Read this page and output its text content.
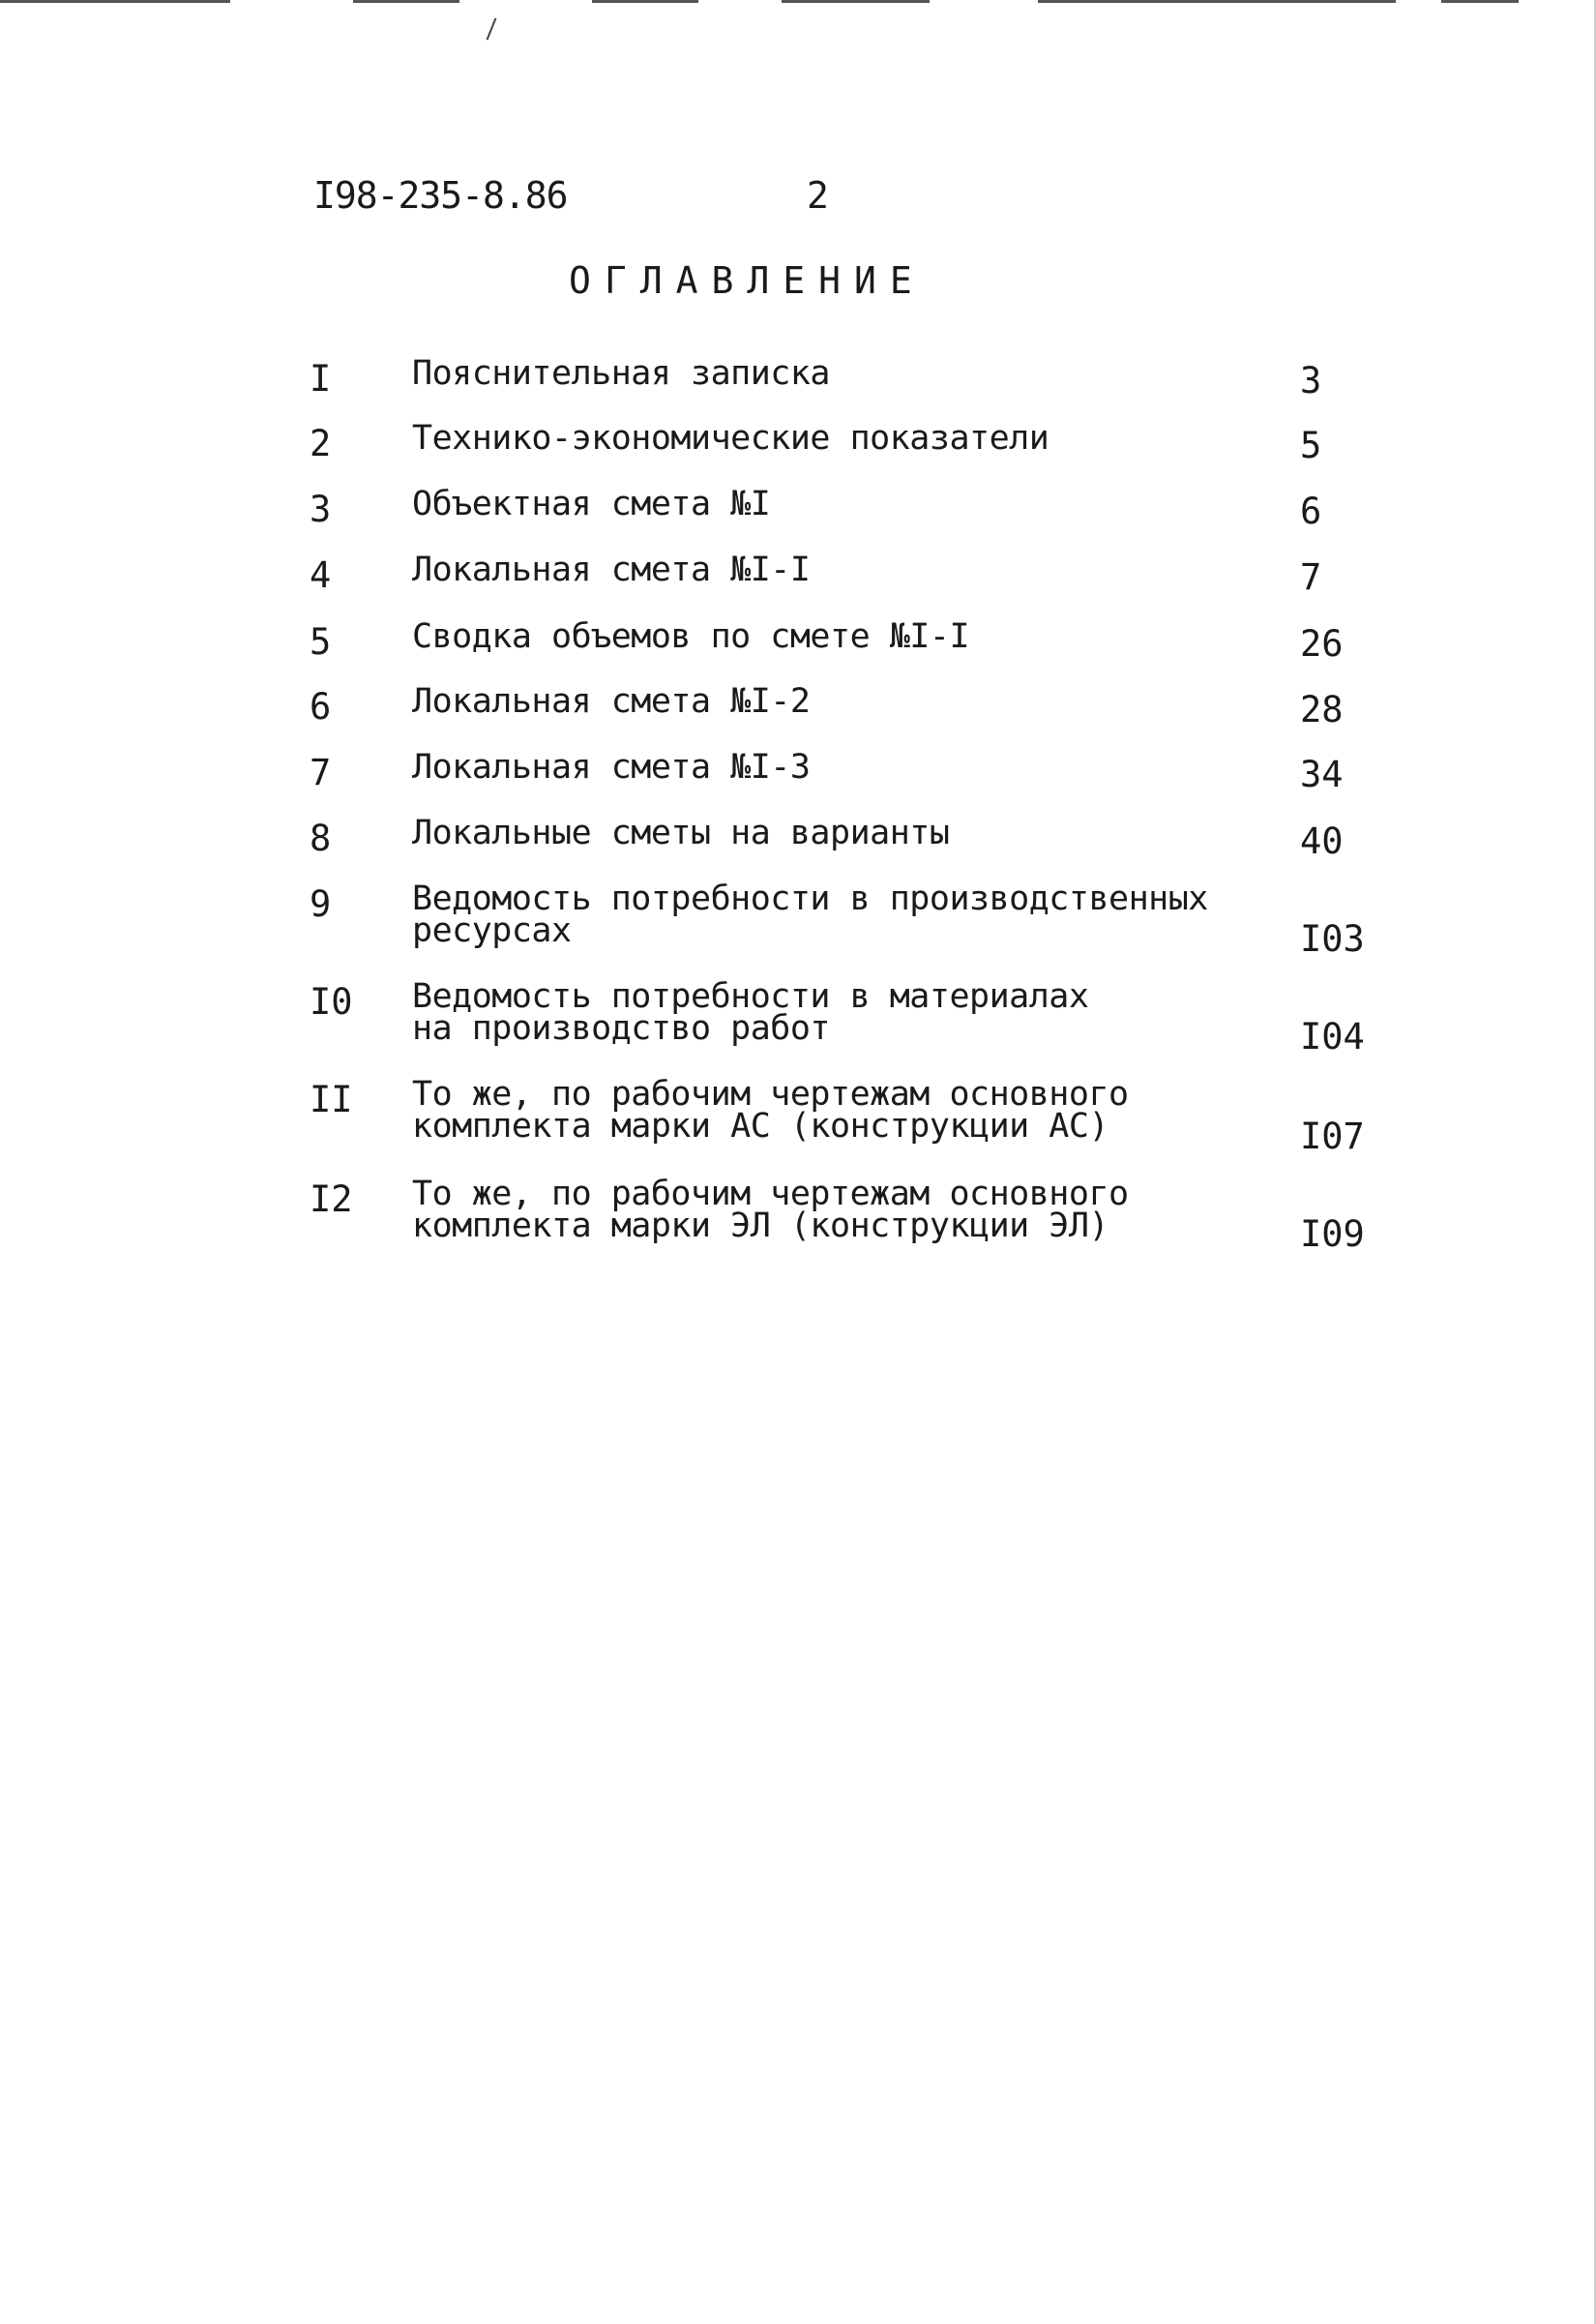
I98-235-8.86	2
ОГЛАВЛЕНИЕ
I Пояснительная записка	3
2 Технико-экономические показатели	5
3 Объектная смета №I	6
4 Локальная смета №I-I	7
5 Сводка объемов по смете №I-I	26
6 Локальная смета №I-2	28
7 Локальная смета №I-3	34
8 Локальные сметы на варианты	40
9 Ведомость потребности в производственных
ресурсах	I03
I0 Ведомость потребности в материалах
на производство работ	I04
II То же, по рабочим чертежам основного
комплекта марки АС (конструкции АС)	I07
I2 То же, по рабочим чертежам основного
комплекта марки ЭЛ (конструкции ЭЛ)	I09
